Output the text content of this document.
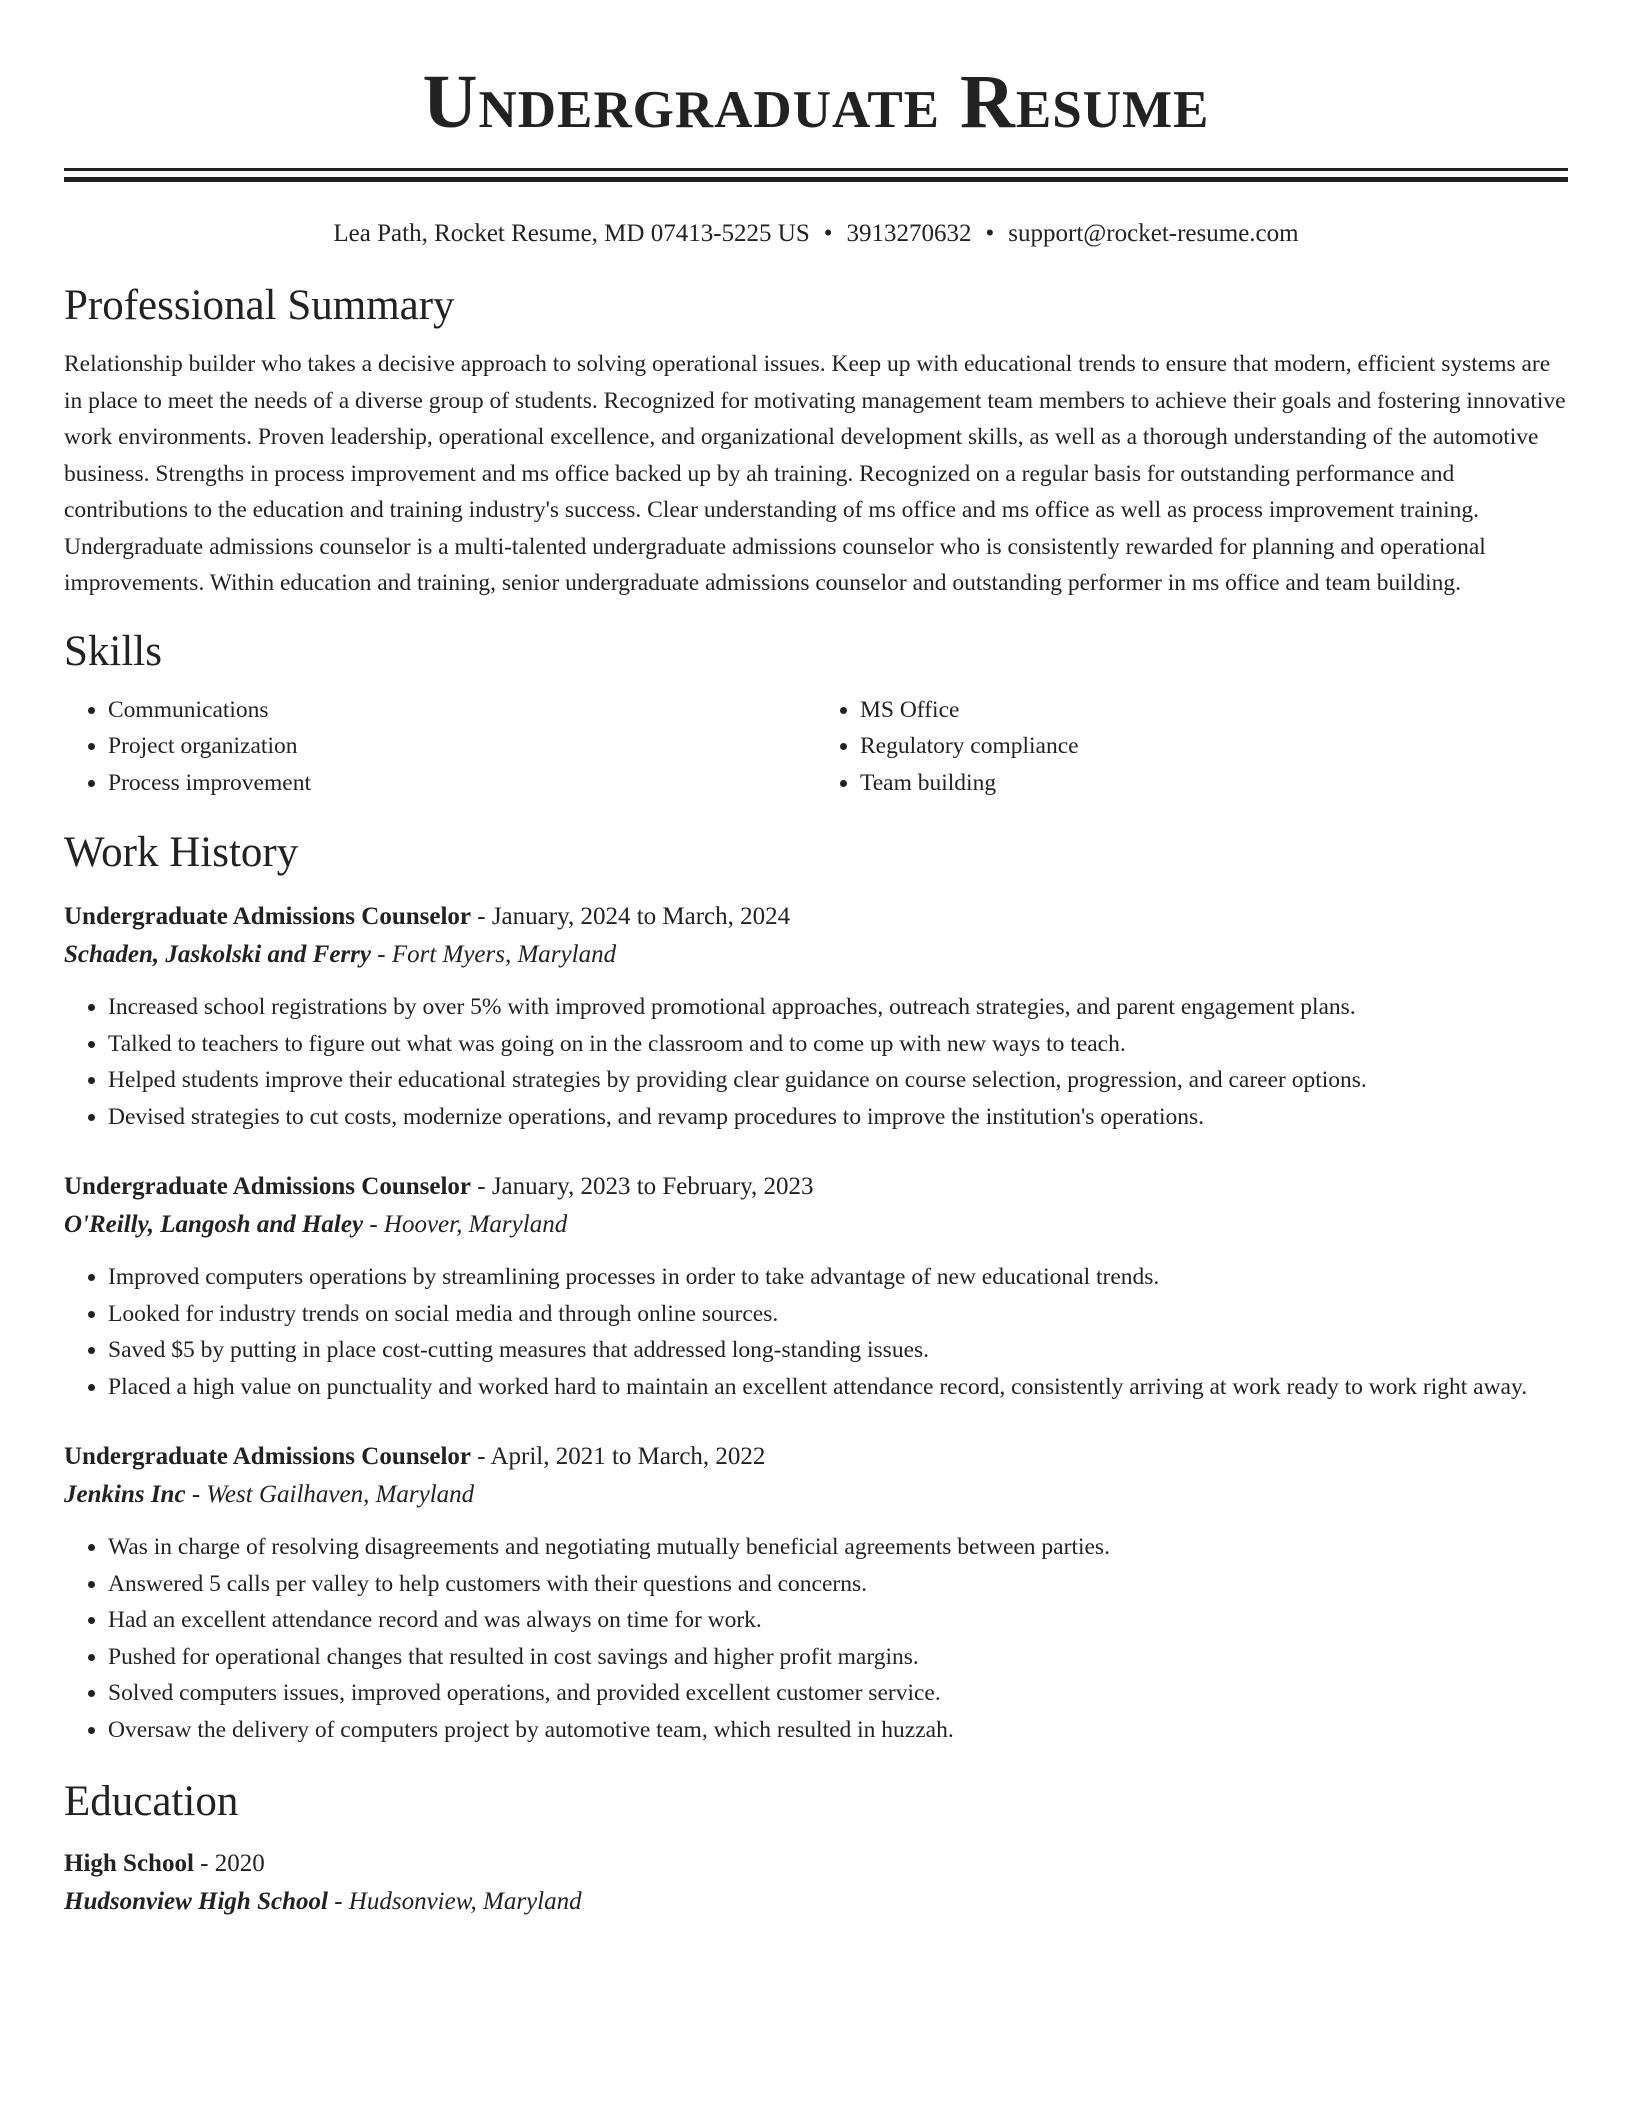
Undergraduate Resume
Lea Path, Rocket Resume, MD 07413-5225 US • 3913270632 • support@rocket-resume.com
Professional Summary
Relationship builder who takes a decisive approach to solving operational issues. Keep up with educational trends to ensure that modern, efficient systems are in place to meet the needs of a diverse group of students. Recognized for motivating management team members to achieve their goals and fostering innovative work environments. Proven leadership, operational excellence, and organizational development skills, as well as a thorough understanding of the automotive business. Strengths in process improvement and ms office backed up by ah training. Recognized on a regular basis for outstanding performance and contributions to the education and training industry's success. Clear understanding of ms office and ms office as well as process improvement training. Undergraduate admissions counselor is a multi-talented undergraduate admissions counselor who is consistently rewarded for planning and operational improvements. Within education and training, senior undergraduate admissions counselor and outstanding performer in ms office and team building.
Skills
• Communications
• Project organization
• Process improvement
• MS Office
• Regulatory compliance
• Team building
Work History
Undergraduate Admissions Counselor - January, 2024 to March, 2024
Schaden, Jaskolski and Ferry - Fort Myers, Maryland
• Increased school registrations by over 5% with improved promotional approaches, outreach strategies, and parent engagement plans.
• Talked to teachers to figure out what was going on in the classroom and to come up with new ways to teach.
• Helped students improve their educational strategies by providing clear guidance on course selection, progression, and career options.
• Devised strategies to cut costs, modernize operations, and revamp procedures to improve the institution's operations.
Undergraduate Admissions Counselor - January, 2023 to February, 2023
O'Reilly, Langosh and Haley - Hoover, Maryland
• Improved computers operations by streamlining processes in order to take advantage of new educational trends.
• Looked for industry trends on social media and through online sources.
• Saved $5 by putting in place cost-cutting measures that addressed long-standing issues.
• Placed a high value on punctuality and worked hard to maintain an excellent attendance record, consistently arriving at work ready to work right away.
Undergraduate Admissions Counselor - April, 2021 to March, 2022
Jenkins Inc - West Gailhaven, Maryland
• Was in charge of resolving disagreements and negotiating mutually beneficial agreements between parties.
• Answered 5 calls per valley to help customers with their questions and concerns.
• Had an excellent attendance record and was always on time for work.
• Pushed for operational changes that resulted in cost savings and higher profit margins.
• Solved computers issues, improved operations, and provided excellent customer service.
• Oversaw the delivery of computers project by automotive team, which resulted in huzzah.
Education
High School - 2020
Hudsonview High School - Hudsonview, Maryland
